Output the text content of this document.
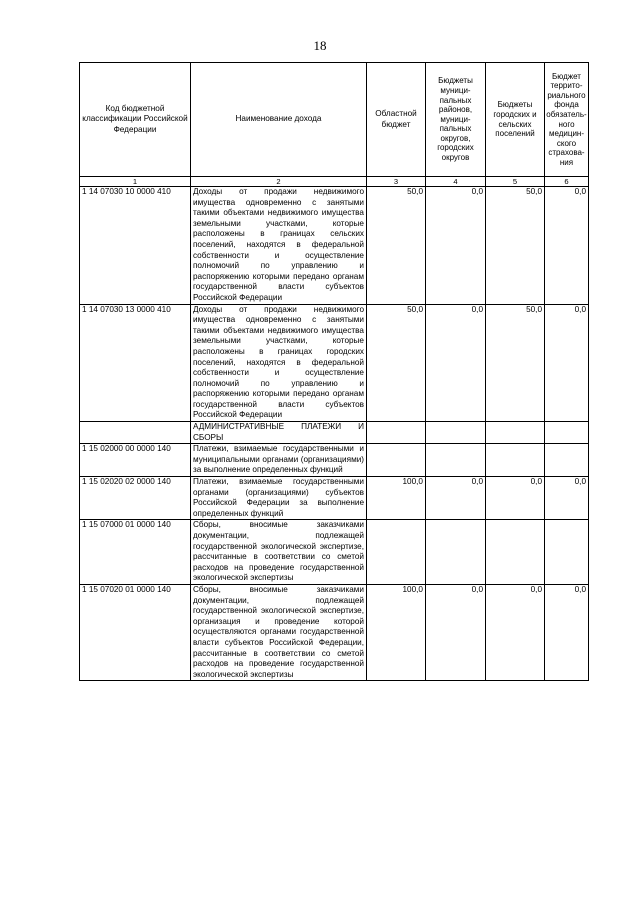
18
Код бюджетной классификации Российской Федерации	Наименование дохода	Областной бюджет	Бюджеты муници-пальных районов, муници-пальных округов, городских округов	Бюджеты городских и сельских поселений	Бюджет террито-риального фонда обязатель-ного медицин-ского страхова-ния
1	2	3	4	5	6
1 14 07030 10 0000 410	Доходы от продажи недвижимого имущества одновременно с занятыми такими объектами недвижимого имущества земельными участками, которые расположены в границах сельских поселений, находятся в федеральной собственности и осуществление полномочий по управлению и распоряжению которыми передано органам государственной власти субъектов Российской Федерации	50,0	0,0	50,0	0,0
1 14 07030 13 0000 410	Доходы от продажи недвижимого имущества одновременно с занятыми такими объектами недвижимого имущества земельными участками, которые расположены в границах городских поселений, находятся в федеральной собственности и осуществление полномочий по управлению и распоряжению которыми передано органам государственной власти субъектов Российской Федерации	50,0	0,0	50,0	0,0
	АДМИНИСТРАТИВНЫЕ ПЛАТЕЖИ И СБОРЫ				
1 15 02000 00 0000 140	Платежи, взимаемые государственными и муниципальными органами (организациями) за выполнение определенных функций				
1 15 02020 02 0000 140	Платежи, взимаемые государственными органами (организациями) субъектов Российской Федерации за выполнение определенных функций	100,0	0,0	0,0	0,0
1 15 07000 01 0000 140	Сборы, вносимые заказчиками документации, подлежащей государственной экологической экспертизе, рассчитанные в соответствии со сметой расходов на проведение государственной экологической экспертизы				
1 15 07020 01 0000 140	Сборы, вносимые заказчиками документации, подлежащей государственной экологической экспертизе, организация и проведение которой осуществляются органами государственной власти субъектов Российской Федерации, рассчитанные в соответствии со сметой расходов на проведение государственной экологической экспертизы	100,0	0,0	0,0	0,0
